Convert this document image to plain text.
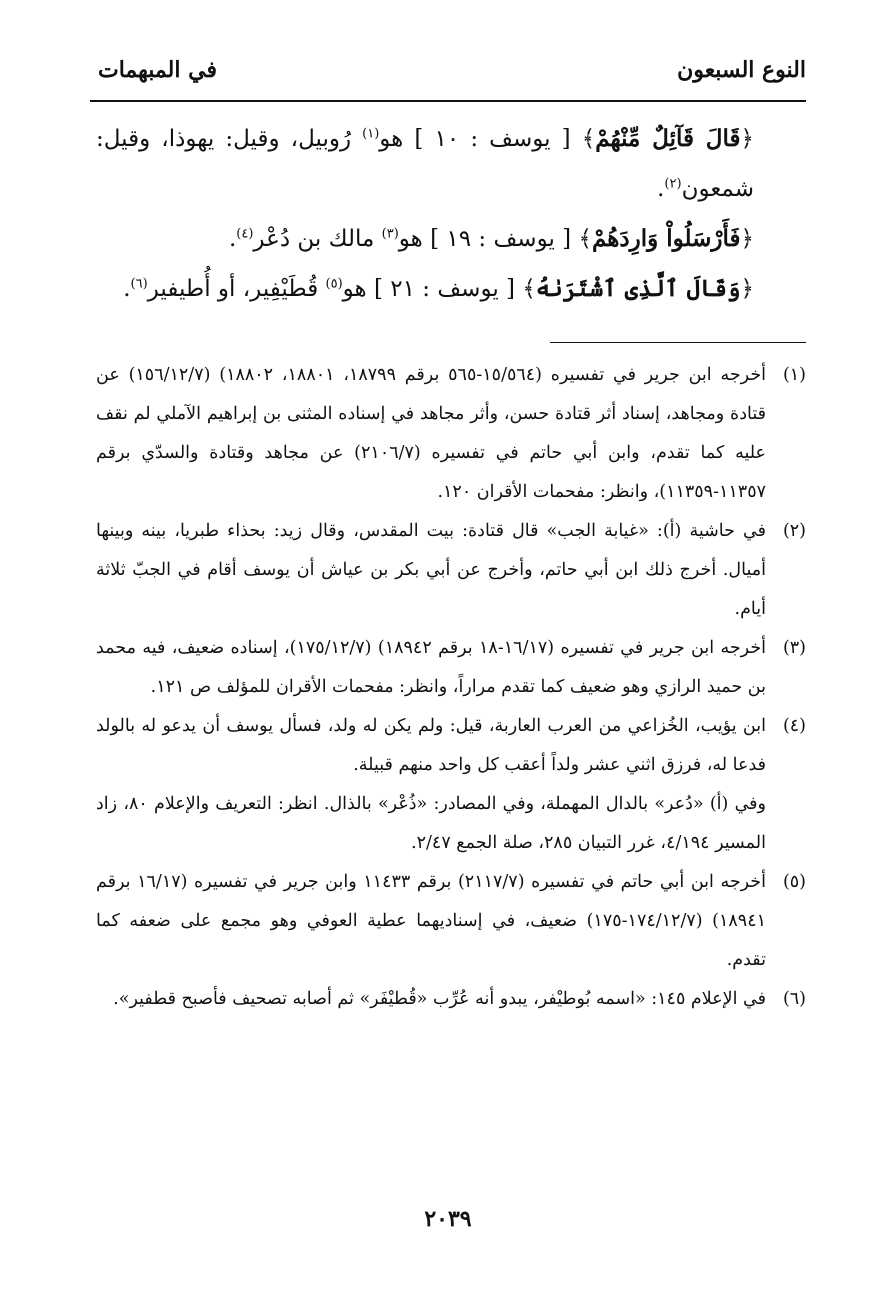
النوع السبعون
في المبهمات

﴿قَالَ قَآئِلٌ مِّنْهُمْ﴾ [ يوسف : ١٠ ] هو$^{(١)}$ رُوبيل، وقيل: يهوذا، وقيل: شمعون$^{(٢)}$.

﴿فَأَرْسَلُواْ وَارِدَهُمْ﴾ [ يوسف : ١٩ ] هو$^{(٣)}$ مالك بن دُعْر$^{(٤)}$.

﴿وَقَالَ ٱلَّذِى ٱشْتَرَىٰهُ﴾ [ يوسف : ٢١ ] هو$^{(٥)}$ قُطَيْفِير، أو أُطيفير$^{(٦)}$.

(١)

أخرجه ابن جرير في تفسيره (١٥/٥٦٤-٥٦٥ برقم ١٨٧٩٩، ١٨٨٠١، ١٨٨٠٢) (١٥٦/١٢/٧) عن قتادة ومجاهد، إسناد أثر قتادة حسن، وأثر مجاهد في إسناده المثنى بن إبراهيم الآملي لم نقف عليه كما تقدم، وابن أبي حاتم في تفسيره (٢١٠٦/٧) عن مجاهد وقتادة والسدّي برقم ١١٣٥٧-١١٣٥٩)، وانظر: مفحمات الأقران ١٢٠.

(٢)

في حاشية (أ): «غيابة الجب» قال قتادة: بيت المقدس، وقال زيد: بحذاء طبريا، بينه وبينها أميال. أخرج ذلك ابن أبي حاتم، وأخرج عن أبي بكر بن عياش أن يوسف أقام في الجبّ ثلاثة أيام.

(٣)

أخرجه ابن جرير في تفسيره (١٦/١٧-١٨ برقم ١٨٩٤٢) (١٧٥/١٢/٧)، إسناده ضعيف، فيه محمد بن حميد الرازي وهو ضعيف كما تقدم مراراً، وانظر: مفحمات الأقران للمؤلف ص ١٢١.

(٤)

ابن يؤيب، الخُزاعي من العرب العاربة، قيل: ولم يكن له ولد، فسأل يوسف أن يدعو له بالولد فدعا له، فرزق اثني عشر ولداً أعقب كل واحد منهم قبيلة.

وفي (أ) «دُعر» بالدال المهملة، وفي المصادر: «ذُعْر» بالذال. انظر: التعريف والإعلام ٨٠، زاد المسير ٤/١٩٤، غرر التبيان ٢٨٥، صلة الجمع ٢/٤٧.

(٥)

أخرجه ابن أبي حاتم في تفسيره (٢١١٧/٧) برقم ١١٤٣٣ وابن جرير في تفسيره (١٦/١٧ برقم ١٨٩٤١) (١٧٤/١٢/٧-١٧٥) ضعيف، في إسناديهما عطية العوفي وهو مجمع على ضعفه كما تقدم.

(٦)

في الإعلام ١٤٥: «اسمه بُوطيْفر، يبدو أنه عُرِّب «قُطيْفَر» ثم أصابه تصحيف فأصبح قطفير».

٢٠٣٩
